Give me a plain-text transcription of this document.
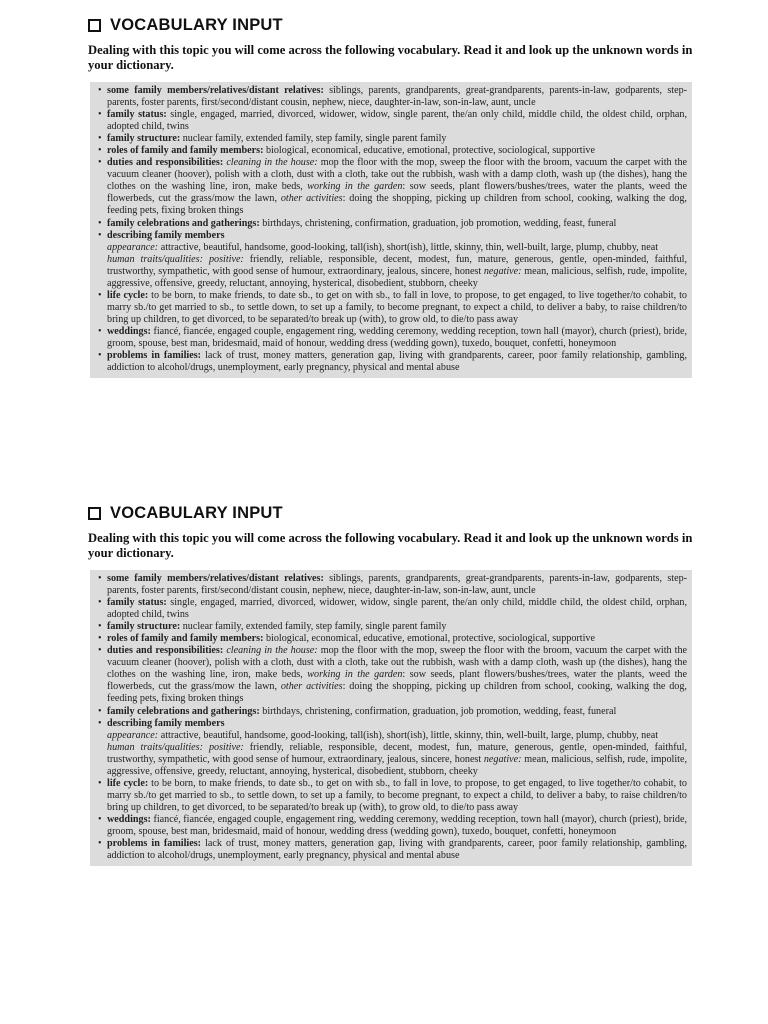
VOCABULARY INPUT
Dealing with this topic you will come across the following vocabulary. Read it and look up the unknown words in your dictionary.
• some family members/relatives/distant relatives: siblings, parents, grandparents, great-grandparents, parents-in-law, godparents, step-parents, foster parents, first/second/distant cousin, nephew, niece, daughter-in-law, son-in-law, aunt, uncle
• family status: single, engaged, married, divorced, widower, widow, single parent, the/an only child, middle child, the oldest child, orphan, adopted child, twins
• family structure: nuclear family, extended family, step family, single parent family
• roles of family and family members: biological, economical, educative, emotional, protective, sociological, supportive
• duties and responsibilities: cleaning in the house: mop the floor with the mop, sweep the floor with the broom, vacuum the carpet with the vacuum cleaner (hoover), polish with a cloth, dust with a cloth, take out the rubbish, wash with a damp cloth, wash up (the dishes), hang the clothes on the washing line, iron, make beds, working in the garden: sow seeds, plant flowers/bushes/trees, water the plants, weed the flowerbeds, cut the grass/mow the lawn, other activities: doing the shopping, picking up children from school, cooking, walking the dog, feeding pets, fixing broken things
• family celebrations and gatherings: birthdays, christening, confirmation, graduation, job promotion, wedding, feast, funeral
• describing family members
appearance: attractive, beautiful, handsome, good-looking, tall(ish), short(ish), little, skinny, thin, well-built, large, plump, chubby, neat
human traits/qualities: positive: friendly, reliable, responsible, decent, modest, fun, mature, generous, gentle, open-minded, faithful, trustworthy, sympathetic, with good sense of humour, extraordinary, jealous, sincere, honest negative: mean, malicious, selfish, rude, impolite, aggressive, offensive, greedy, reluctant, annoying, hysterical, disobedient, stubborn, cheeky
• life cycle: to be born, to make friends, to date sb., to get on with sb., to fall in love, to propose, to get engaged, to live together/to cohabit, to marry sb./to get married to sb., to settle down, to set up a family, to become pregnant, to expect a child, to deliver a baby, to raise children/to bring up children, to get divorced, to be separated/to break up (with), to grow old, to die/to pass away
• weddings: fiancé, fiancée, engaged couple, engagement ring, wedding ceremony, wedding reception, town hall (mayor), church (priest), bride, groom, spouse, best man, bridesmaid, maid of honour, wedding dress (wedding gown), tuxedo, bouquet, confetti, honeymoon
• problems in families: lack of trust, money matters, generation gap, living with grandparents, career, poor family relationship, gambling, addiction to alcohol/drugs, unemployment, early pregnancy, physical and mental abuse
VOCABULARY INPUT
Dealing with this topic you will come across the following vocabulary. Read it and look up the unknown words in your dictionary.
• some family members/relatives/distant relatives: siblings, parents, grandparents, great-grandparents, parents-in-law, godparents, step-parents, foster parents, first/second/distant cousin, nephew, niece, daughter-in-law, son-in-law, aunt, uncle
• family status: single, engaged, married, divorced, widower, widow, single parent, the/an only child, middle child, the oldest child, orphan, adopted child, twins
• family structure: nuclear family, extended family, step family, single parent family
• roles of family and family members: biological, economical, educative, emotional, protective, sociological, supportive
• duties and responsibilities: cleaning in the house: mop the floor with the mop, sweep the floor with the broom, vacuum the carpet with the vacuum cleaner (hoover), polish with a cloth, dust with a cloth, take out the rubbish, wash with a damp cloth, wash up (the dishes), hang the clothes on the washing line, iron, make beds, working in the garden: sow seeds, plant flowers/bushes/trees, water the plants, weed the flowerbeds, cut the grass/mow the lawn, other activities: doing the shopping, picking up children from school, cooking, walking the dog, feeding pets, fixing broken things
• family celebrations and gatherings: birthdays, christening, confirmation, graduation, job promotion, wedding, feast, funeral
• describing family members
appearance: attractive, beautiful, handsome, good-looking, tall(ish), short(ish), little, skinny, thin, well-built, large, plump, chubby, neat
human traits/qualities: positive: friendly, reliable, responsible, decent, modest, fun, mature, generous, gentle, open-minded, faithful, trustworthy, sympathetic, with good sense of humour, extraordinary, jealous, sincere, honest negative: mean, malicious, selfish, rude, impolite, aggressive, offensive, greedy, reluctant, annoying, hysterical, disobedient, stubborn, cheeky
• life cycle: to be born, to make friends, to date sb., to get on with sb., to fall in love, to propose, to get engaged, to live together/to cohabit, to marry sb./to get married to sb., to settle down, to set up a family, to become pregnant, to expect a child, to deliver a baby, to raise children/to bring up children, to get divorced, to be separated/to break up (with), to grow old, to die/to pass away
• weddings: fiancé, fiancée, engaged couple, engagement ring, wedding ceremony, wedding reception, town hall (mayor), church (priest), bride, groom, spouse, best man, bridesmaid, maid of honour, wedding dress (wedding gown), tuxedo, bouquet, confetti, honeymoon
• problems in families: lack of trust, money matters, generation gap, living with grandparents, career, poor family relationship, gambling, addiction to alcohol/drugs, unemployment, early pregnancy, physical and mental abuse
